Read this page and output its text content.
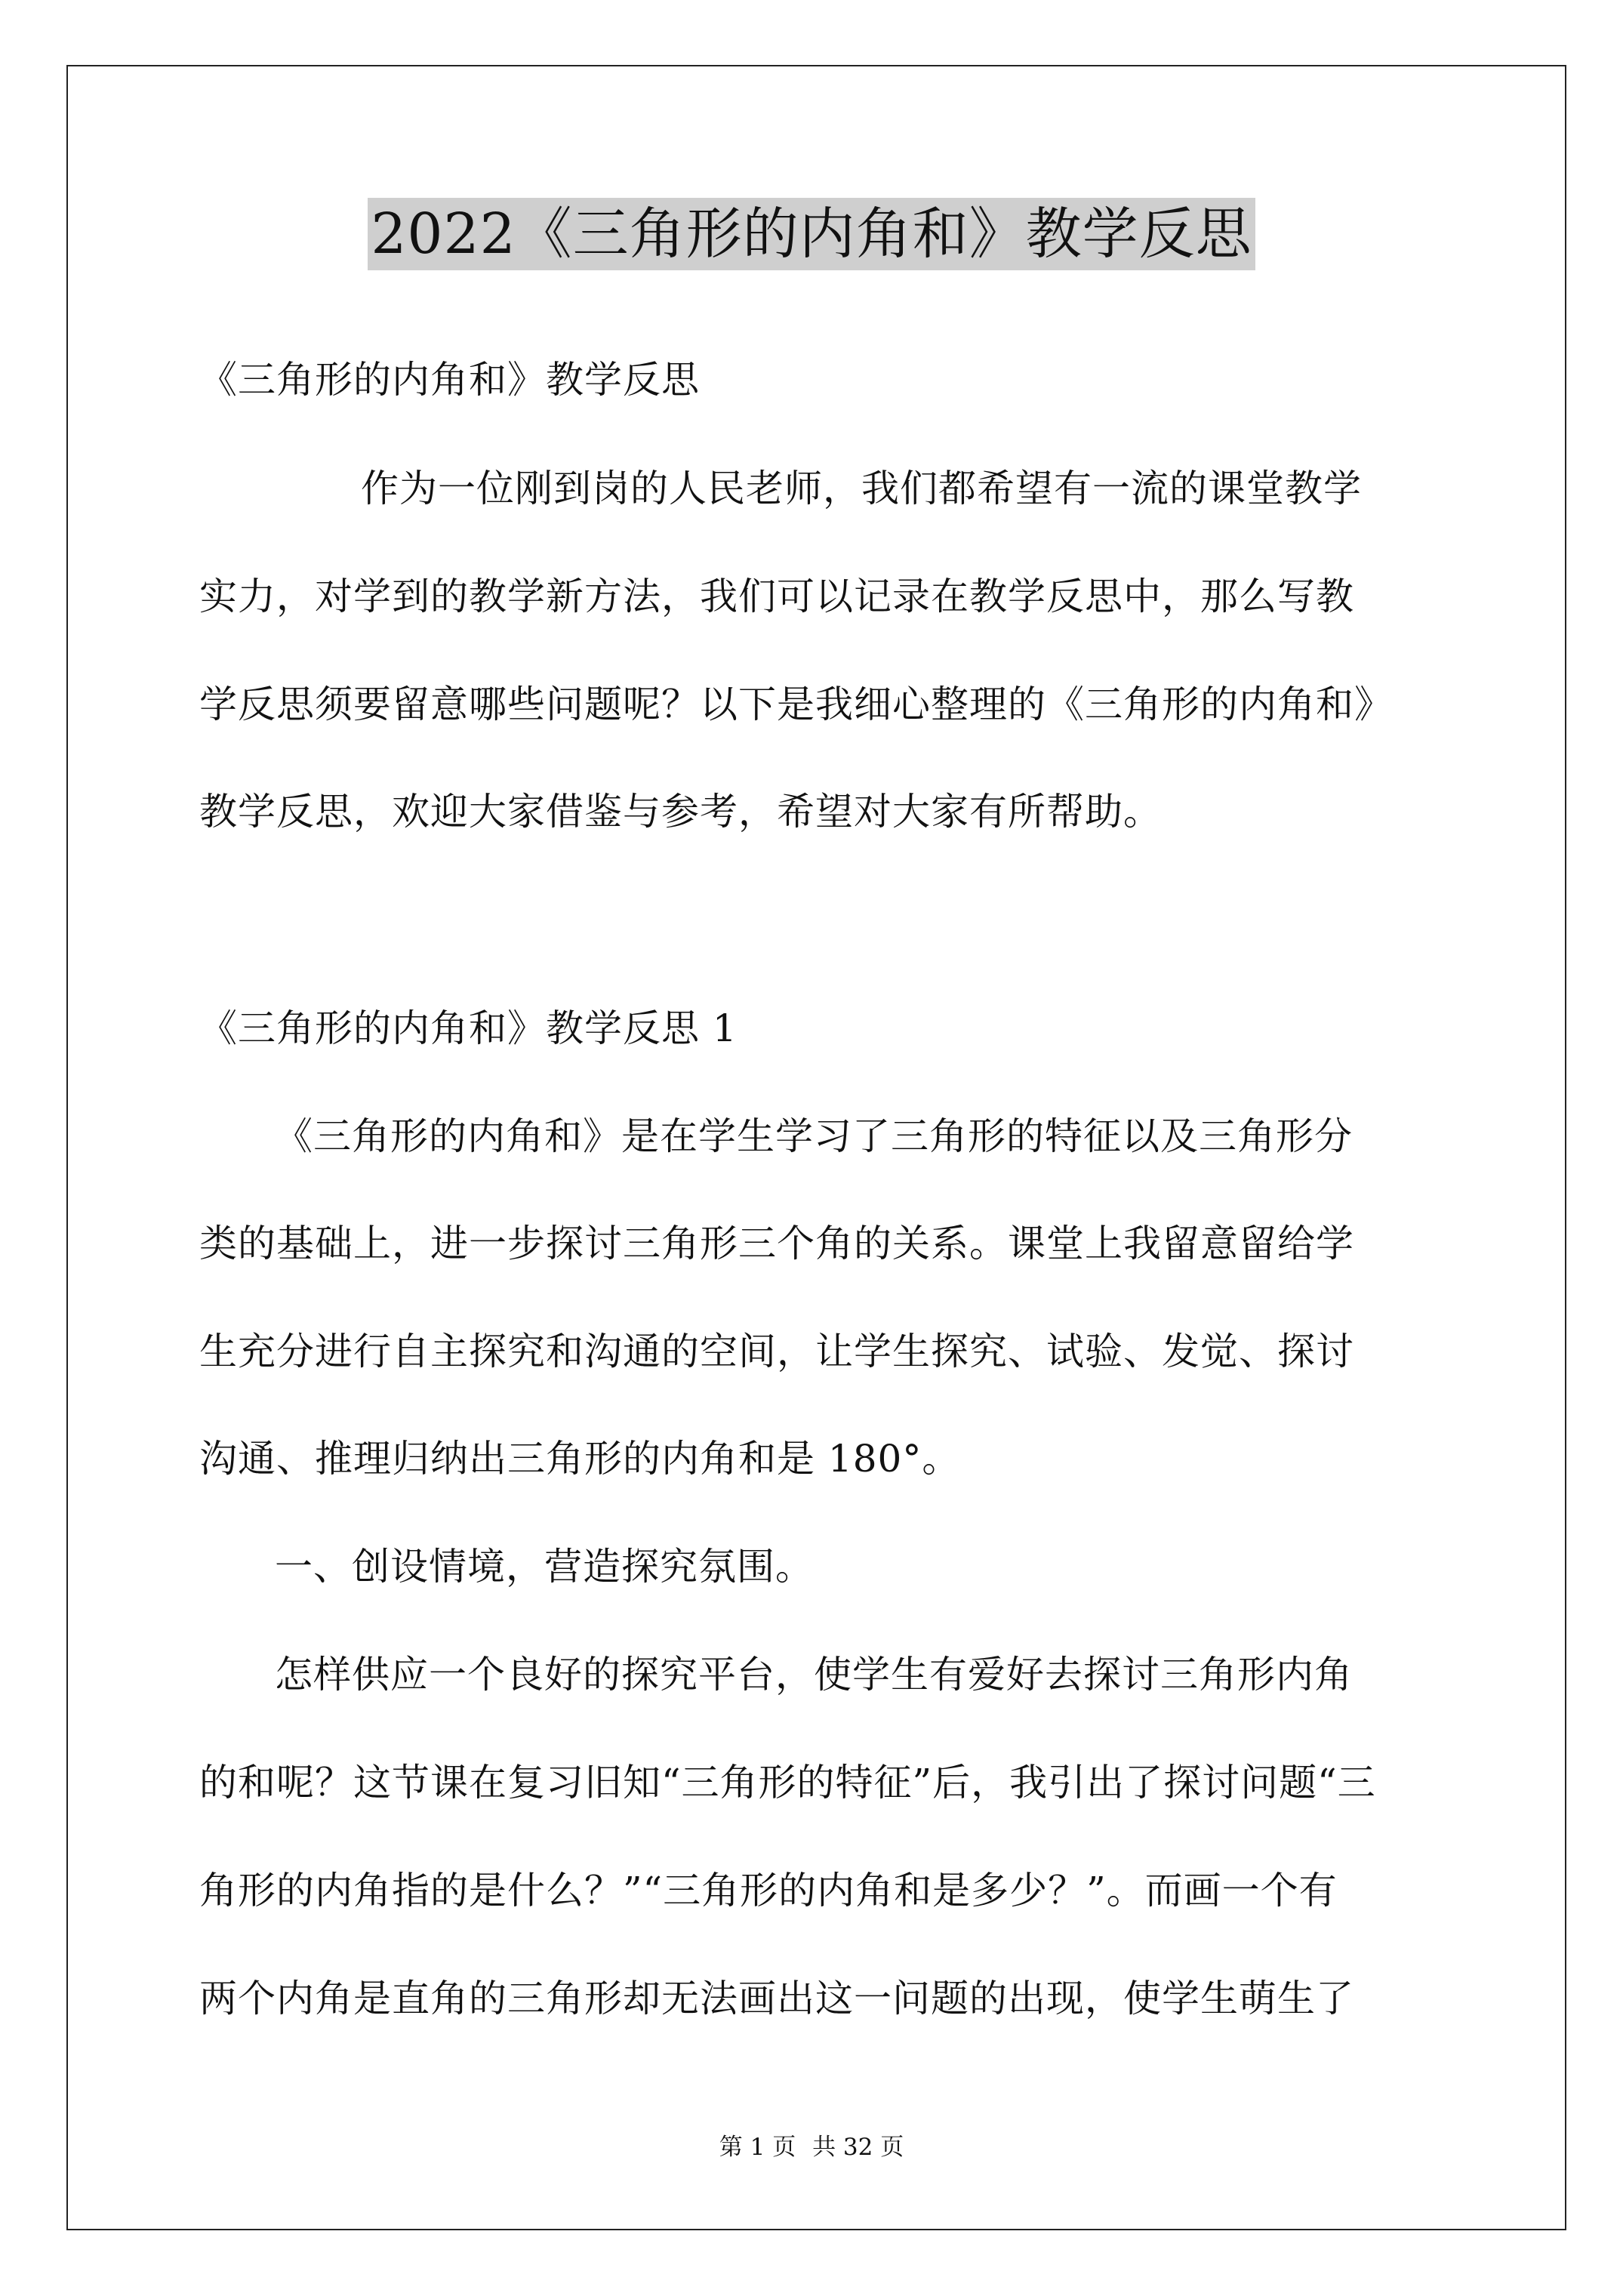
2022《三角形的内角和》教学反思
《三角形的内角和》教学反思
作为一位刚到岗的人民老师，我们都希望有一流的课堂教学
实力，对学到的教学新方法，我们可以记录在教学反思中，那么写教
学反思须要留意哪些问题呢？以下是我细心整理的《三角形的内角和》
教学反思，欢迎大家借鉴与参考，希望对大家有所帮助。
《三角形的内角和》教学反思 1
《三角形的内角和》是在学生学习了三角形的特征以及三角形分
类的基础上，进一步探讨三角形三个角的关系。课堂上我留意留给学
生充分进行自主探究和沟通的空间，让学生探究、试验、发觉、探讨
沟通、推理归纳出三角形的内角和是 180°。
一、创设情境，营造探究氛围。
怎样供应一个良好的探究平台，使学生有爱好去探讨三角形内角
的和呢？这节课在复习旧知“三角形的特征”后，我引出了探讨问题“三
角形的内角指的是什么？”“三角形的内角和是多少？”。而画一个有
两个内角是直角的三角形却无法画出这一问题的出现，使学生萌生了
第 1 页 共 32 页
